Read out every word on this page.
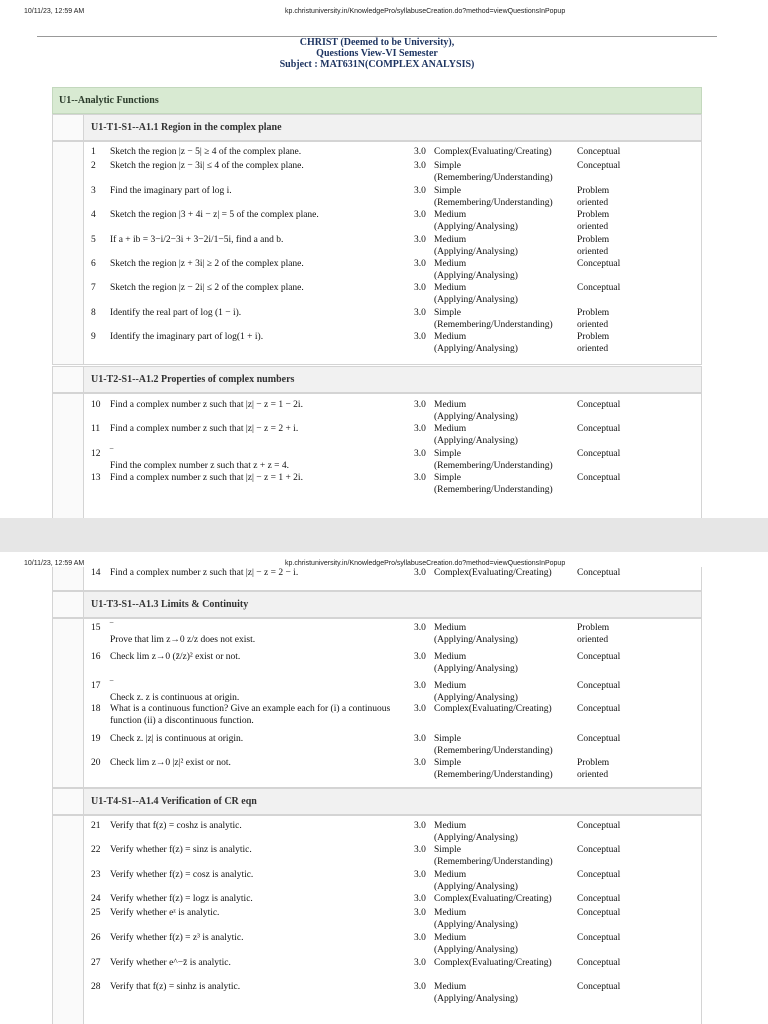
10/11/23, 12:59 AM	kp.christuniversity.in/KnowledgePro/syllabuseCreation.do?method=viewQuestionsInPopup
CHRIST (Deemed to be University),
Questions View-VI Semester
Subject : MAT631N(COMPLEX ANALYSIS)
U1--Analytic Functions
U1-T1-S1--A1.1 Region in the complex plane
1 Sketch the region |z − 5| ≥ 4 of the complex plane.	3.0 Complex(Evaluating/Creating)	Conceptual
2 Sketch the region |z − 3i| ≤ 4 of the complex plane.	3.0 Simple
(Remembering/Understanding)
Conceptual
3 Find the imaginary part of log i.	3.0 Simple
(Remembering/Understanding)
Problem
oriented
4 Sketch the region |3 + 4i − z| = 5 of the complex plane.	3.0 Medium
(Applying/Analysing)
Problem
oriented
5 If a + ib = 3−i/2−3i + 3−2i/1−5i, find a and b.	3.0 Medium
(Applying/Analysing)
Problem
oriented
6 Sketch the region |z + 3i| ≥ 2 of the complex plane.	3.0 Medium
(Applying/Analysing)
Conceptual
7 Sketch the region |z − 2i| ≤ 2 of the complex plane.	3.0 Medium
(Applying/Analysing)
Conceptual
8 Identify the real part of log (1 − i).	3.0 Simple
(Remembering/Understanding)
Problem
oriented
9 Identify the imaginary part of log(1 + i).	3.0 Medium
(Applying/Analysing)
Problem
oriented
U1-T2-S1--A1.2 Properties of complex numbers
10 Find a complex number z such that |z| − z = 1 − 2i.	3.0 Medium
(Applying/Analysing)
Conceptual
11 Find a complex number z such that |z| − z = 2 + i.	3.0 Medium
(Applying/Analysing)
Conceptual
12 ‾
Find the complex number z such that z + z = 4.
3.0 Simple
(Remembering/Understanding)
Conceptual
13 Find a complex number z such that |z| − z = 1 + 2i.	3.0 Simple
(Remembering/Understanding)
Conceptual
10/11/23, 12:59 AM	kp.christuniversity.in/KnowledgePro/syllabuseCreation.do?method=viewQuestionsInPopup
14 Find a complex number z such that |z| − z = 2 − i.	3.0 Complex(Evaluating/Creating)	Conceptual
U1-T3-S1--A1.3 Limits & Continuity
15 ‾
Prove that lim z→0 z/z does not exist.
3.0 Medium
(Applying/Analysing)
Problem
oriented
16 Check lim z→0 (z̄/z)² exist or not.	3.0 Medium
(Applying/Analysing)
Conceptual
17 ‾
Check z. z is continuous at origin.
3.0 Medium
(Applying/Analysing)
Conceptual
18 What is a continuous function? Give an example each for (i) a continuous function (ii) a discontinuous function.
3.0 Complex(Evaluating/Creating)	Conceptual
19 Check z. |z| is continuous at origin.	3.0 Simple
(Remembering/Understanding)
Conceptual
20 Check lim z→0 |z|² exist or not.	3.0 Simple
(Remembering/Understanding)
Problem
oriented
U1-T4-S1--A1.4 Verification of CR eqn
21 Verify that f(z) = coshz is analytic.	3.0 Medium
(Applying/Analysing)
Conceptual
22 Verify whether f(z) = sinz is analytic.	3.0 Simple
(Remembering/Understanding)
Conceptual
23 Verify whether f(z) = cosz is analytic.	3.0 Medium
(Applying/Analysing)
Conceptual
24 Verify whether f(z) = logz is analytic.	3.0 Complex(Evaluating/Creating)	Conceptual
25 Verify whether eᶻ is analytic.	3.0 Medium
(Applying/Analysing)
Conceptual
26 Verify whether f(z) = z³ is analytic.	3.0 Medium
(Applying/Analysing)
Conceptual
27 Verify whether e^−z̄ is analytic.	3.0 Complex(Evaluating/Creating)	Conceptual
28 Verify that f(z) = sinhz is analytic.	3.0 Medium
(Applying/Analysing)
Conceptual
